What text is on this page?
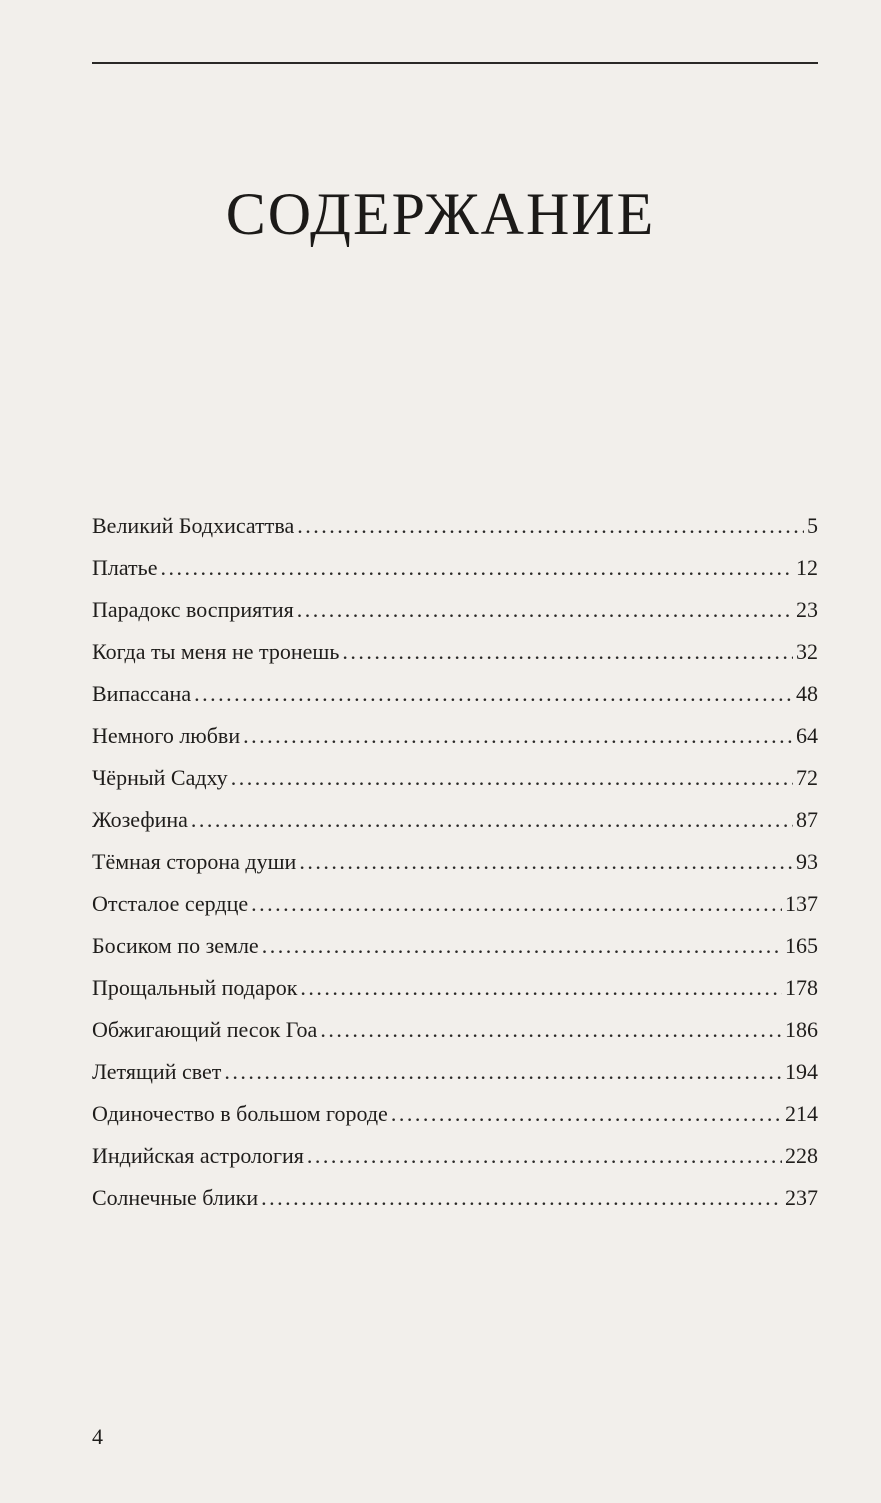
СОДЕРЖАНИЕ
Великий Бодхисаттва . . .	5
Платье . . .	12
Парадокс восприятия . . .	23
Когда ты меня не тронешь . . .	32
Випассана . . .	48
Немного любви . . .	64
Чёрный Садху . . .	72
Жозефина . . .	87
Тёмная сторона души . . .	93
Отсталое сердце . . .	137
Босиком по земле . . .	165
Прощальный подарок . . .	178
Обжигающий песок Гоа . . .	186
Летящий свет . . .	194
Одиночество в большом городе . . .	214
Индийская астрология . . .	228
Солнечные блики . . .	237
4
